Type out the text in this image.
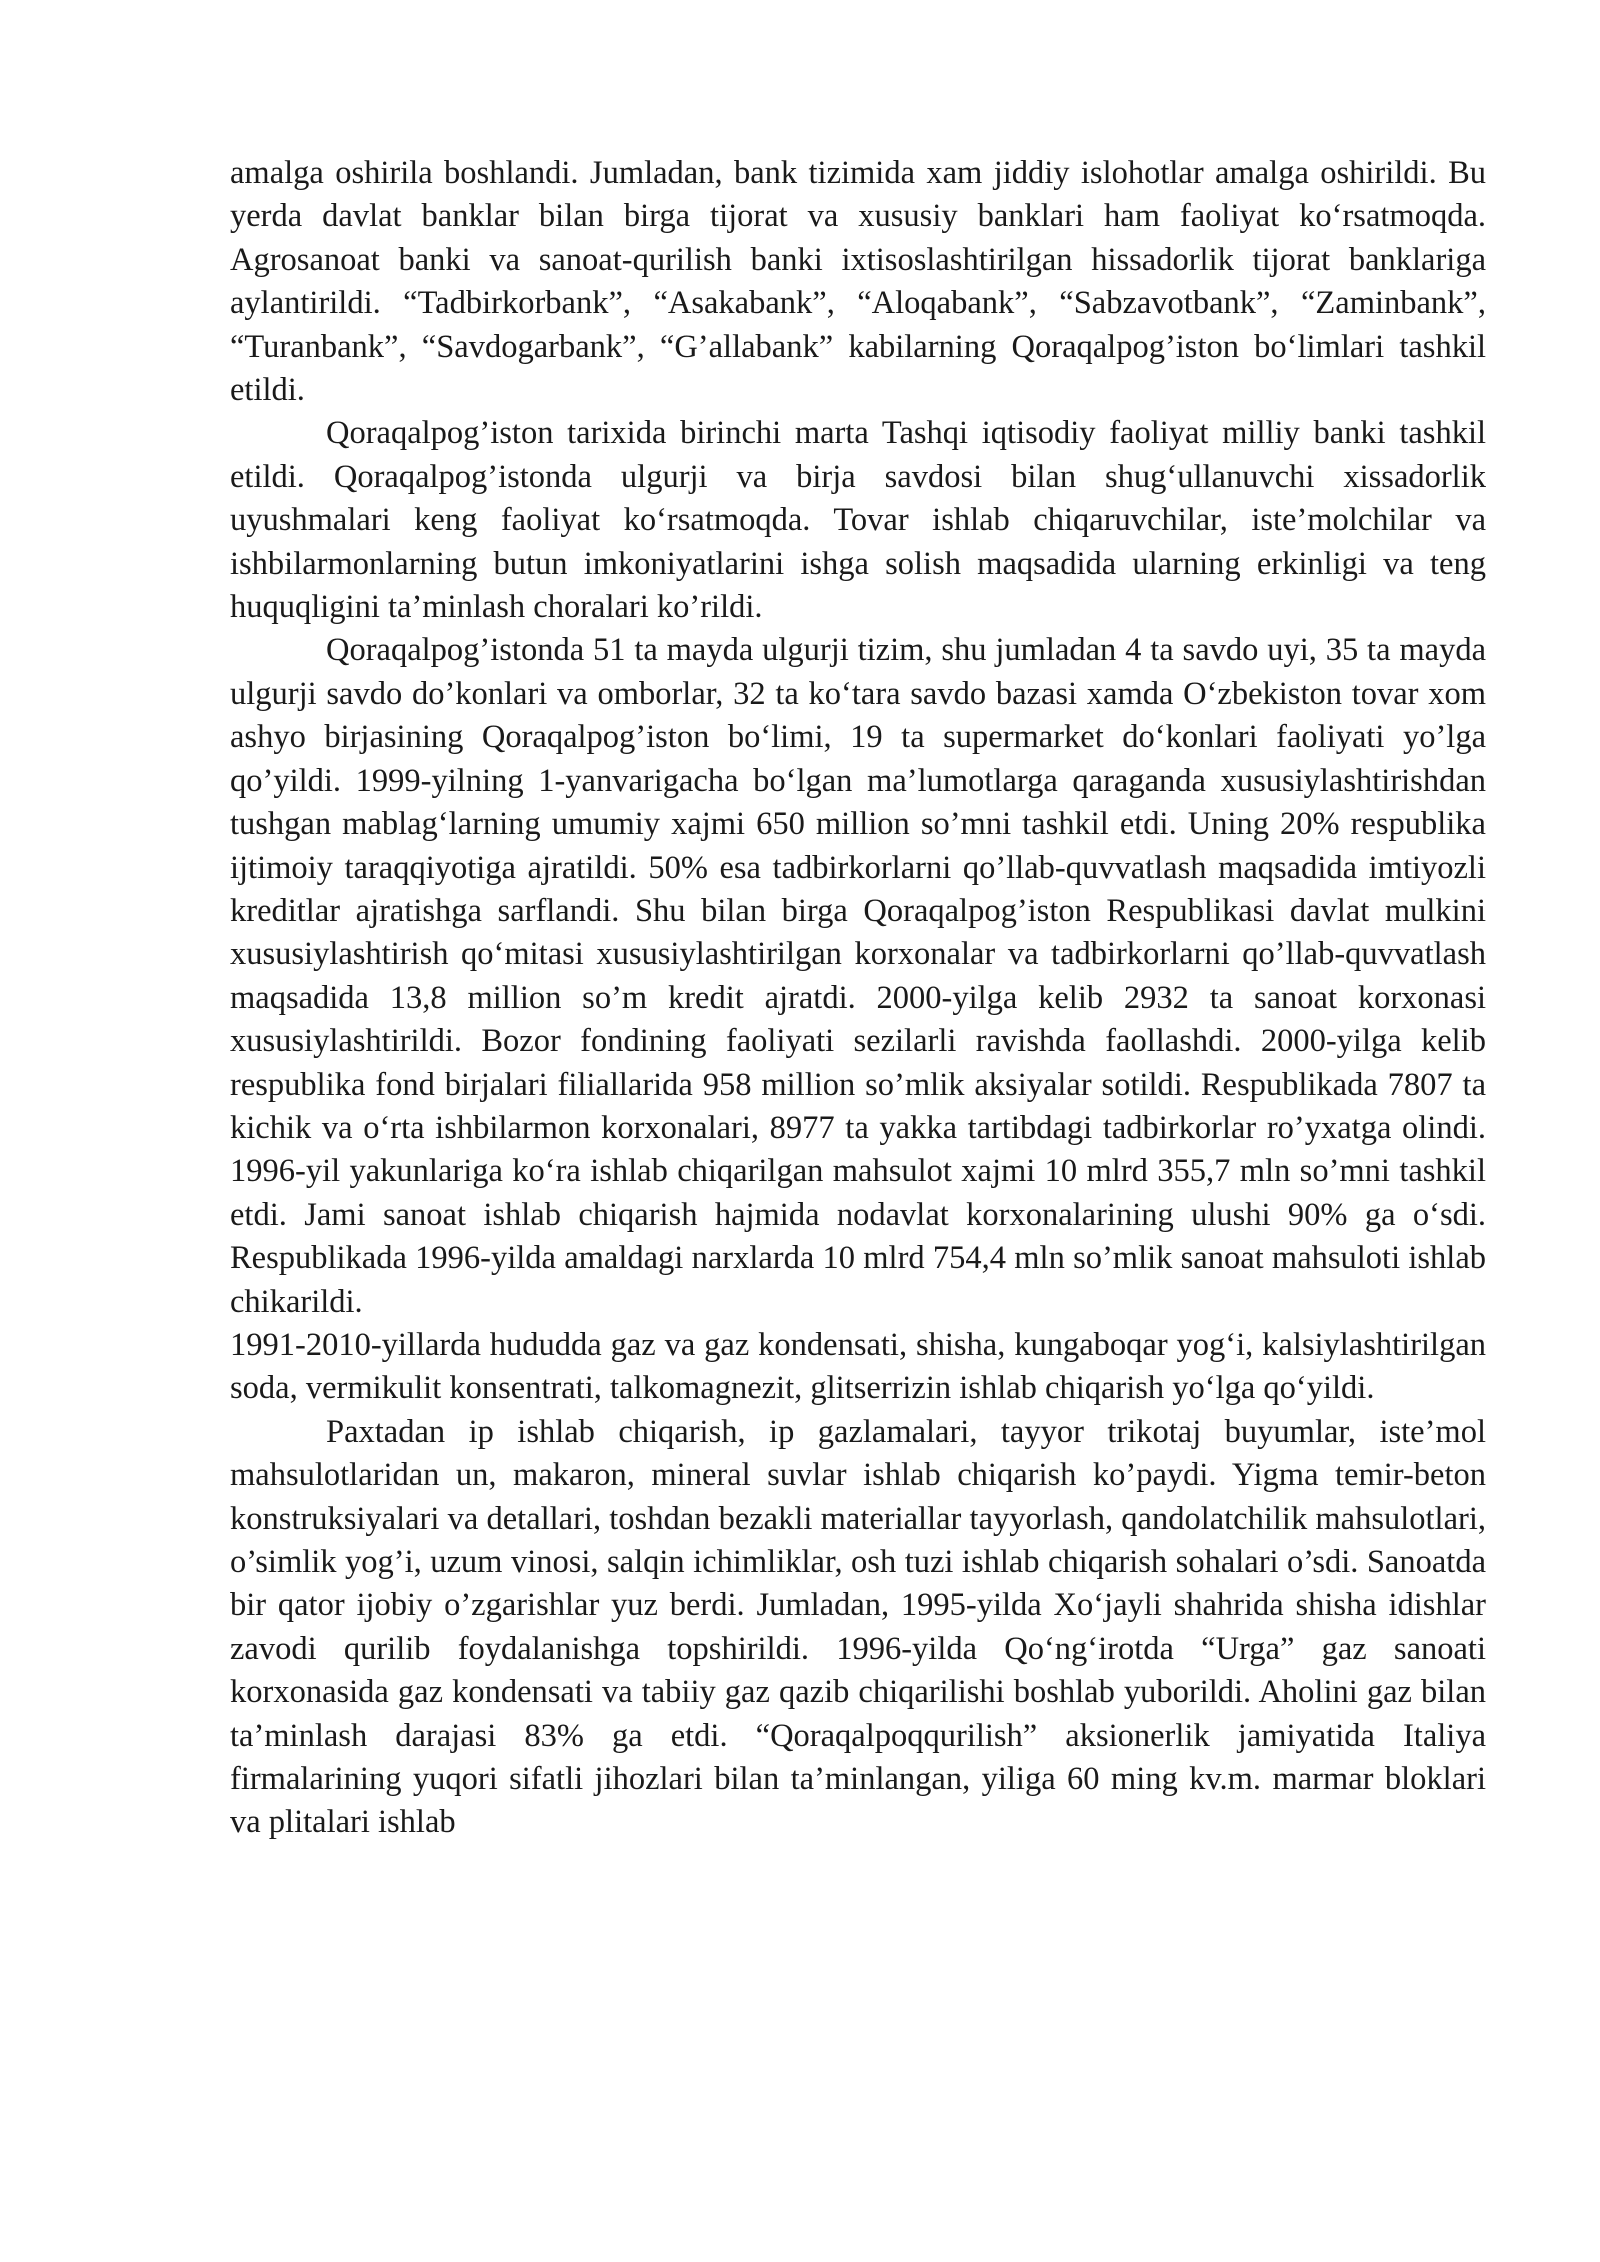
amalga oshirila boshlandi. Jumladan, bank tizimida xam jiddiy islohotlar amalga oshirildi. Bu yerda davlat banklar bilan birga tijorat va xususiy banklari ham faoliyat ko‘rsatmoqda. Agrosanoat banki va sanoat-qurilish banki ixtisoslashtirilgan hissadorlik tijorat banklariga aylantirildi. “Tadbirkorbank”, “Asakabank”, “Aloqabank”, “Sabzavotbank”, “Zaminbank”, “Turanbank”, “Savdogarbank”, “G’allabank” kabilarning Qoraqalpog’iston bo‘limlari tashkil etildi.

Qoraqalpog’iston tarixida birinchi marta Tashqi iqtisodiy faoliyat milliy banki tashkil etildi. Qoraqalpog’istonda ulgurji va birja savdosi bilan shug‘ullanuvchi xissadorlik uyushmalari keng faoliyat ko‘rsatmoqda. Tovar ishlab chiqaruvchilar, iste’molchilar va ishbilarmonlarning butun imkoniyatlarini ishga solish maqsadida ularning erkinligi va teng huquqligini ta’minlash choralari ko’rildi.

Qoraqalpog’istonda 51 ta mayda ulgurji tizim, shu jumladan 4 ta savdo uyi, 35 ta mayda ulgurji savdo do’konlari va omborlar, 32 ta ko‘tara savdo bazasi xamda O‘zbekiston tovar xom ashyo birjasining Qoraqalpog’iston bo‘limi, 19 ta supermarket do‘konlari faoliyati yo’lga qo’yildi. 1999-yilning 1-yanvarigacha bo‘lgan ma’lumotlarga qaraganda xususiylashtirishdan tushgan mablag‘larning umumiy xajmi 650 million so’mni tashkil etdi. Uning 20% respublika ijtimoiy taraqqiyotiga ajratildi. 50% esa tadbirkorlarni qo’llab-quvvatlash maqsadida imtiyozli kreditlar ajratishga sarflandi. Shu bilan birga Qoraqalpog’iston Respublikasi davlat mulkini xususiylashtirish qo‘mitasi xususiylashtirilgan korxonalar va tadbirkorlarni qo’llab-quvvatlash maqsadida 13,8 million so’m kredit ajratdi. 2000-yilga kelib 2932 ta sanoat korxonasi xususiylashtirildi. Bozor fondining faoliyati sezilarli ravishda faollashdi. 2000-yilga kelib respublika fond birjalari filiallarida 958 million so’mlik aksiyalar sotildi. Respublikada 7807 ta kichik va o‘rta ishbilarmon korxonalari, 8977 ta yakka tartibdagi tadbirkorlar ro’yxatga olindi. 1996-yil yakunlariga ko‘ra ishlab chiqarilgan mahsulot xajmi 10 mlrd 355,7 mln so’mni tashkil etdi. Jami sanoat ishlab chiqarish hajmida nodavlat korxonalarining ulushi 90% ga o‘sdi. Respublikada 1996-yilda amaldagi narxlarda 10 mlrd 754,4 mln so’mlik sanoat mahsuloti ishlab chikarildi.

1991-2010-yillarda hududda gaz va gaz kondensati, shisha, kungaboqar yog‘i, kalsiylashtirilgan soda, vermikulit konsentrati, talkomagnezit, glitserrizin ishlab chiqarish yo‘lga qo‘yildi.

Paxtadan ip ishlab chiqarish, ip gazlamalari, tayyor trikotaj buyumlar, iste’mol mahsulotlaridan un, makaron, mineral suvlar ishlab chiqarish ko’paydi. Yigma temir-beton konstruksiyalari va detallari, toshdan bezakli materiallar tayyorlash, qandolatchilik mahsulotlari, o’simlik yog’i, uzum vinosi, salqin ichimliklar, osh tuzi ishlab chiqarish sohalari o’sdi. Sanoatda bir qator ijobiy o’zgarishlar yuz berdi. Jumladan, 1995-yilda Xo‘jayli shahrida shisha idishlar zavodi qurilib foydalanishga topshirildi. 1996-yilda Qo‘ng‘irotda “Urga” gaz sanoati korxonasida gaz kondensati va tabiiy gaz qazib chiqarilishi boshlab yuborildi. Aholini gaz bilan ta’minlash darajasi 83% ga etdi. “Qoraqalpoqqurilish” aksionerlik jamiyatida Italiya firmalarining yuqori sifatli jihozlari bilan ta’minlangan, yiliga 60 ming kv.m. marmar bloklari va plitalari ishlab
